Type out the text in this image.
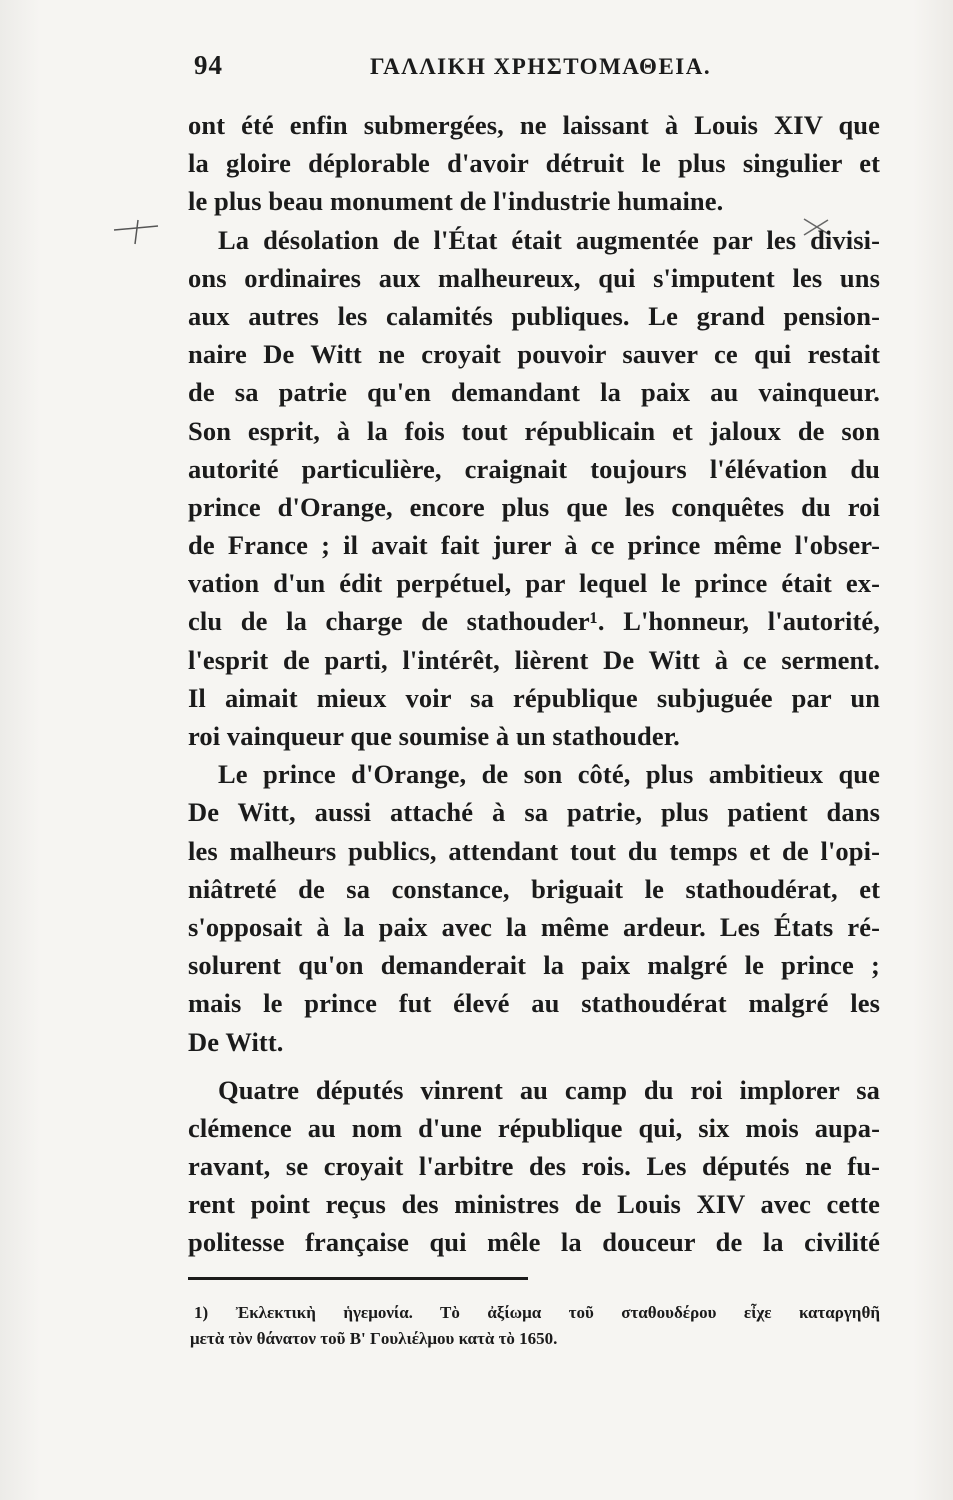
94	ΓΑΛΛΙΚΗ ΧΡΗΣΤΟΜΑΘΕΙΑ.
ont été enfin submergées, ne laissant à Louis XIV que
la gloire déplorable d'avoir détruit le plus singulier et
le plus beau monument de l'industrie humaine.
La désolation de l'État était augmentée par les divisi-
ons ordinaires aux malheureux, qui s'imputent les uns
aux autres les calamités publiques. Le grand pension-
naire De Witt ne croyait pouvoir sauver ce qui restait
de sa patrie qu'en demandant la paix au vainqueur.
Son esprit, à la fois tout républicain et jaloux de son
autorité particulière, craignait toujours l'élévation du
prince d'Orange, encore plus que les conquêtes du roi
de France ; il avait fait jurer à ce prince même l'obser-
vation d'un édit perpétuel, par lequel le prince était ex-
clu de la charge de stathouder¹. L'honneur, l'autorité,
l'esprit de parti, l'intérêt, lièrent De Witt à ce serment.
Il aimait mieux voir sa république subjuguée par un
roi vainqueur que soumise à un stathouder.
Le prince d'Orange, de son côté, plus ambitieux que
De Witt, aussi attaché à sa patrie, plus patient dans
les malheurs publics, attendant tout du temps et de l'opi-
niâtreté de sa constance, briguait le stathoudérat, et
s'opposait à la paix avec la même ardeur. Les États ré-
solurent qu'on demanderait la paix malgré le prince ;
mais le prince fut élevé au stathoudérat malgré les
De Witt.
Quatre députés vinrent au camp du roi implorer sa
clémence au nom d'une république qui, six mois aupa-
ravant, se croyait l'arbitre des rois. Les députés ne fu-
rent point reçus des ministres de Louis XIV avec cette
politesse française qui mêle la douceur de la civilité
1) Ἐκλεκτικὴ ἡγεμονία. Τὸ ἀξίωμα τοῦ σταθουδέρου εἶχε καταργηθῆ
μετὰ τὸν θάνατον τοῦ Β' Γουλιέλμου κατὰ τὸ 1650.
